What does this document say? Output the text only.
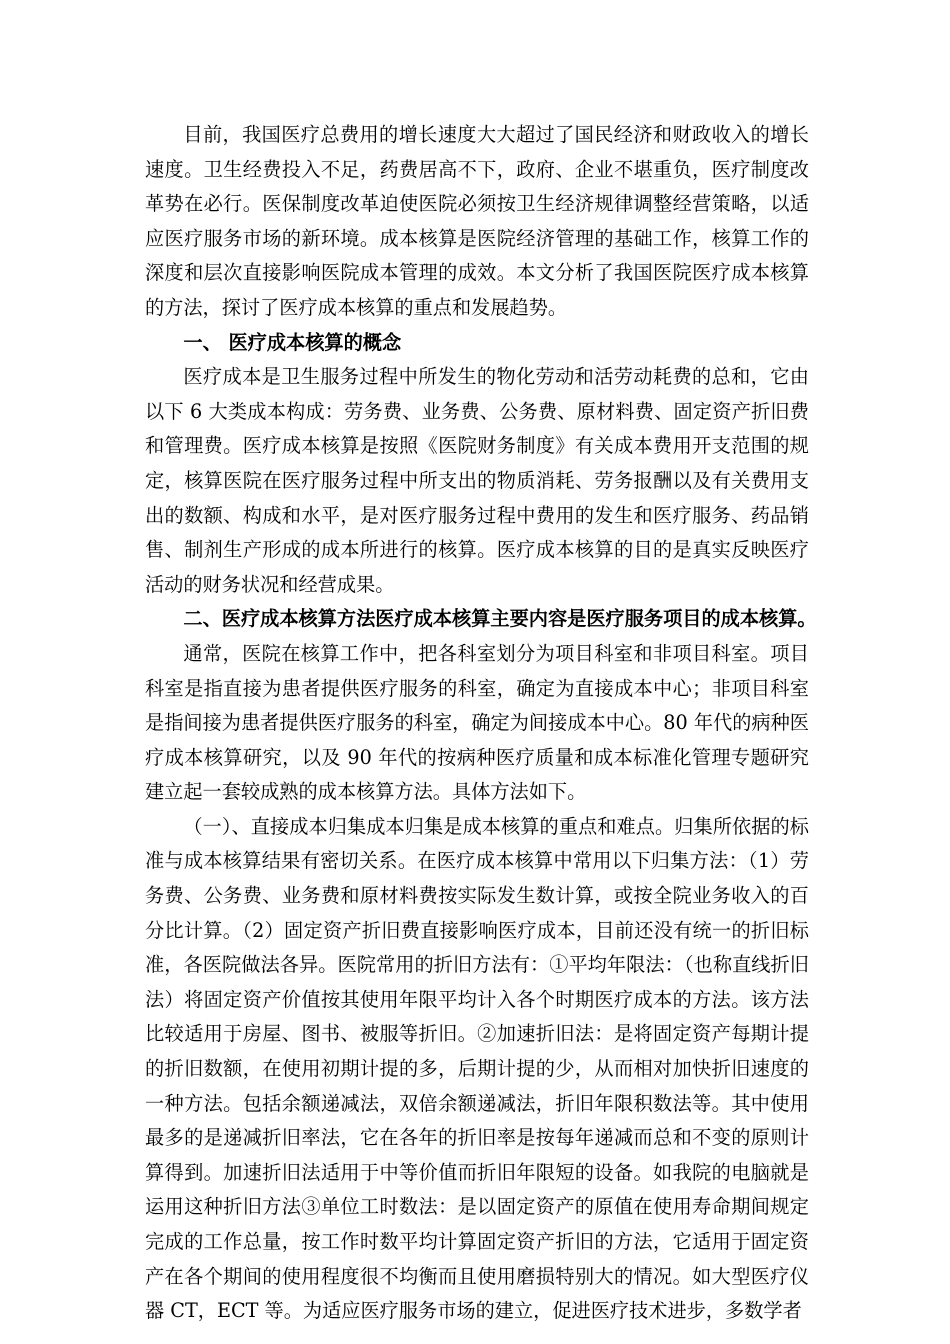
目前，我国医疗总费用的增长速度大大超过了国民经济和财政收入的增长速度。卫生经费投入不足，药费居高不下，政府、企业不堪重负，医疗制度改革势在必行。医保制度改革迫使医院必须按卫生经济规律调整经营策略，以适应医疗服务市场的新环境。成本核算是医院经济管理的基础工作，核算工作的深度和层次直接影响医院成本管理的成效。本文分析了我国医院医疗成本核算的方法，探讨了医疗成本核算的重点和发展趋势。

一、 医疗成本核算的概念

医疗成本是卫生服务过程中所发生的物化劳动和活劳动耗费的总和，它由以下 6 大类成本构成：劳务费、业务费、公务费、原材料费、固定资产折旧费和管理费。医疗成本核算是按照《医院财务制度》有关成本费用开支范围的规定，核算医院在医疗服务过程中所支出的物质消耗、劳务报酬以及有关费用支出的数额、构成和水平，是对医疗服务过程中费用的发生和医疗服务、药品销售、制剂生产形成的成本所进行的核算。医疗成本核算的目的是真实反映医疗活动的财务状况和经营成果。

二、医疗成本核算方法医疗成本核算主要内容是医疗服务项目的成本核算。

通常，医院在核算工作中，把各科室划分为项目科室和非项目科室。项目科室是指直接为患者提供医疗服务的科室，确定为直接成本中心；非项目科室是指间接为患者提供医疗服务的科室，确定为间接成本中心。80 年代的病种医疗成本核算研究，以及 90 年代的按病种医疗质量和成本标准化管理专题研究建立起一套较成熟的成本核算方法。具体方法如下。

（一）、直接成本归集成本归集是成本核算的重点和难点。归集所依据的标准与成本核算结果有密切关系。在医疗成本核算中常用以下归集方法：（1）劳务费、公务费、业务费和原材料费按实际发生数计算，或按全院业务收入的百分比计算。（2）固定资产折旧费直接影响医疗成本，目前还没有统一的折旧标准，各医院做法各异。医院常用的折旧方法有：①平均年限法：（也称直线折旧法）将固定资产价值按其使用年限平均计入各个时期医疗成本的方法。该方法比较适用于房屋、图书、被服等折旧。②加速折旧法：是将固定资产每期计提的折旧数额，在使用初期计提的多，后期计提的少，从而相对加快折旧速度的一种方法。包括余额递减法，双倍余额递减法，折旧年限积数法等。其中使用最多的是递减折旧率法，它在各年的折旧率是按每年递减而总和不变的原则计算得到。加速折旧法适用于中等价值而折旧年限短的设备。如我院的电脑就是运用这种折旧方法③单位工时数法：是以固定资产的原值在使用寿命期间规定完成的工作总量，按工作时数平均计算固定资产折旧的方法，它适用于固定资产在各个期间的使用程度很不均衡而且使用磨损特别大的情况。如大型医疗仪器 CT，ECT 等。为适应医疗服务市场的建立，促进医疗技术进步，多数学者
